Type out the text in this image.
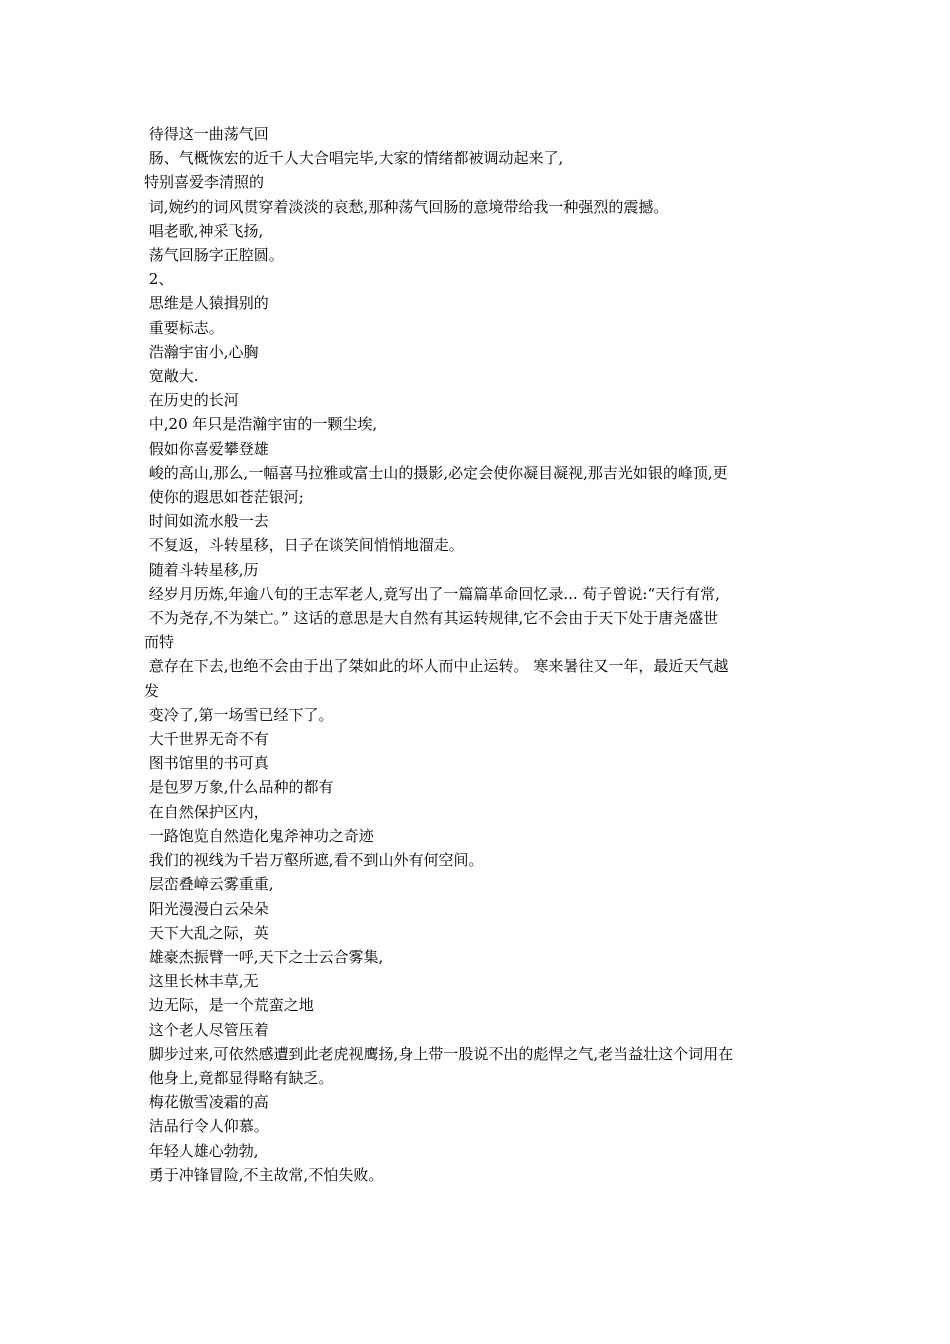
待得这一曲荡气回
肠、气概恢宏的近千人大合唱完毕,大家的情绪都被调动起来了,
特别喜爱李清照的
词,婉约的词风贯穿着淡淡的哀愁,那种荡气回肠的意境带给我一种强烈的震撼。
唱老歌,神采飞扬,
荡气回肠字正腔圆。
2、
思维是人猿揖别的
重要标志。
浩瀚宇宙小,心胸
宽敞大.
在历史的长河
中,20 年只是浩瀚宇宙的一颗尘埃,
假如你喜爱攀登雄
峻的高山,那么,一幅喜马拉雅或富士山的摄影,必定会使你凝目凝视,那吉光如银的峰顶,更
使你的遐思如苍茫银河;
时间如流水般一去
不复返，斗转星移，日子在谈笑间悄悄地溜走。
随着斗转星移,历
经岁月历炼,年逾八旬的王志军老人,竟写出了一篇篇革命回忆录... 荀子曾说:“天行有常,
不为尧存,不为桀亡。” 这话的意思是大自然有其运转规律,它不会由于天下处于唐尧盛世
而特
意存在下去,也绝不会由于出了桀如此的坏人而中止运转。 寒来暑往又一年，最近天气越
发
变冷了,第一场雪已经下了。
大千世界无奇不有
图书馆里的书可真
是包罗万象,什么品种的都有
在自然保护区内，
一路饱览自然造化鬼斧神功之奇迹
我们的视线为千岩万壑所遮,看不到山外有何空间。
层峦叠嶂云雾重重,
阳光漫漫白云朵朵
天下大乱之际，英
雄豪杰振臂一呼,天下之士云合雾集,
这里长林丰草,无
边无际，是一个荒蛮之地
这个老人尽管压着
脚步过来,可依然感遭到此老虎视鹰扬,身上带一股说不出的彪悍之气,老当益壮这个词用在
他身上,竟都显得略有缺乏。
梅花傲雪凌霜的高
洁品行令人仰慕。
年轻人雄心勃勃,
勇于冲锋冒险,不主故常,不怕失败。
